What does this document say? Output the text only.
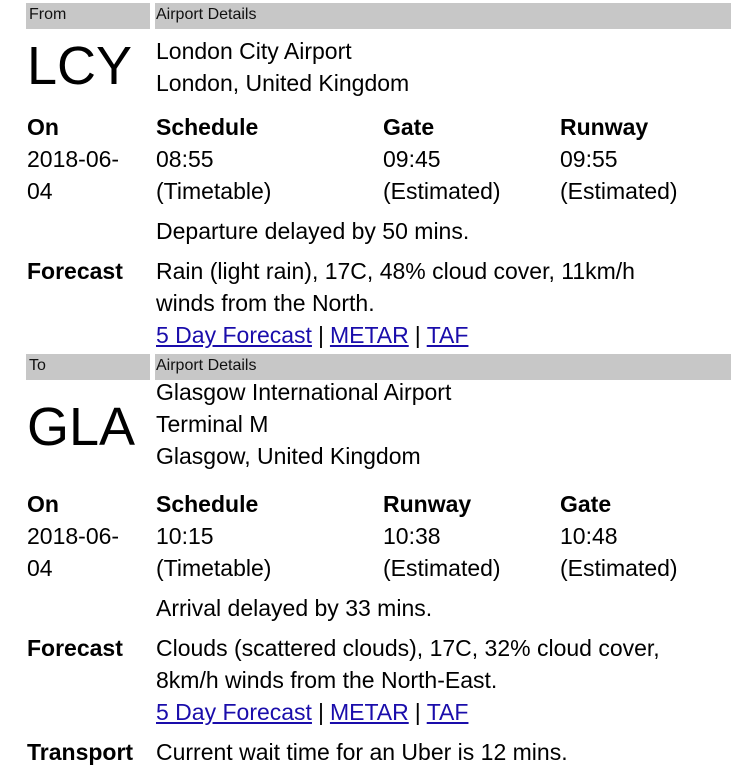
From	Airport Details
LCY London City Airport
London, United Kingdom
On	Schedule	Gate	Runway
2018-06-	08:55	09:45	09:55
04	(Timetable)	(Estimated)	(Estimated)
Departure delayed by 50 mins.
Forecast Rain (light rain), 17C, 48% cloud cover, 11km/h
winds from the North.
5 Day Forecast | METAR | TAF
To	Airport Details
GLA
Glasgow International Airport
Terminal M
Glasgow, United Kingdom
On	Schedule	Runway	Gate
2018-06-	10:15	10:38	10:48
04	(Timetable)	(Estimated)	(Estimated)
Arrival delayed by 33 mins.
Forecast Clouds (scattered clouds), 17C, 32% cloud cover,
8km/h winds from the North-East.
5 Day Forecast | METAR | TAF
Transport Current wait time for an Uber is 12 mins.
